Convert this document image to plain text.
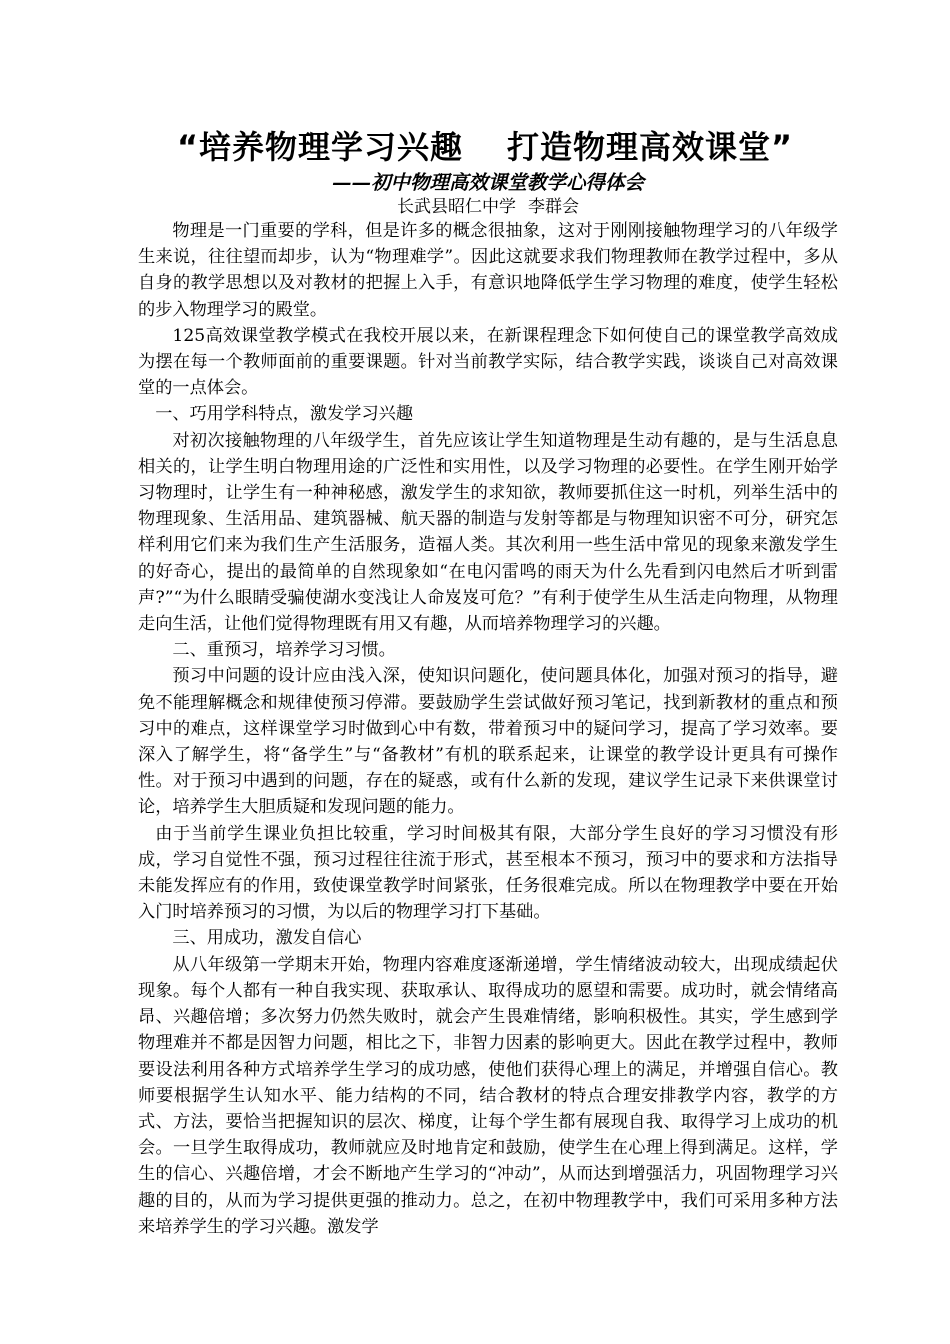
“培养物理学习兴趣 打造物理高效课堂”
——初中物理高效课堂教学心得体会
长武县昭仁中学 李群会

物理是一门重要的学科，但是许多的概念很抽象，这对于刚刚接触物理学习的八年级学生来说，往往望而却步，认为“物理难学”。因此这就要求我们物理教师在教学过程中，多从自身的教学思想以及对教材的把握上入手，有意识地降低学生学习物理的难度，使学生轻松的步入物理学习的殿堂。

125高效课堂教学模式在我校开展以来，在新课程理念下如何使自己的课堂教学高效成为摆在每一个教师面前的重要课题。针对当前教学实际，结合教学实践，谈谈自己对高效课堂的一点体会。

一、巧用学科特点，激发学习兴趣

对初次接触物理的八年级学生，首先应该让学生知道物理是生动有趣的，是与生活息息相关的，让学生明白物理用途的广泛性和实用性，以及学习物理的必要性。在学生刚开始学习物理时，让学生有一种神秘感，激发学生的求知欲，教师要抓住这一时机，列举生活中的物理现象、生活用品、建筑器械、航天器的制造与发射等都是与物理知识密不可分，研究怎样利用它们来为我们生产生活服务，造福人类。其次利用一些生活中常见的现象来激发学生的好奇心，提出的最简单的自然现象如“在电闪雷鸣的雨天为什么先看到闪电然后才听到雷声?”“为什么眼睛受骗使湖水变浅让人命岌岌可危？”有利于使学生从生活走向物理，从物理走向生活，让他们觉得物理既有用又有趣，从而培养物理学习的兴趣。

二、重预习，培养学习习惯。

预习中问题的设计应由浅入深，使知识问题化，使问题具体化，加强对预习的指导，避免不能理解概念和规律使预习停滞。要鼓励学生尝试做好预习笔记，找到新教材的重点和预习中的难点，这样课堂学习时做到心中有数，带着预习中的疑问学习，提高了学习效率。要深入了解学生，将“备学生”与“备教材”有机的联系起来，让课堂的教学设计更具有可操作性。对于预习中遇到的问题，存在的疑惑，或有什么新的发现，建议学生记录下来供课堂讨论，培养学生大胆质疑和发现问题的能力。

由于当前学生课业负担比较重，学习时间极其有限，大部分学生良好的学习习惯没有形成，学习自觉性不强，预习过程往往流于形式，甚至根本不预习，预习中的要求和方法指导未能发挥应有的作用，致使课堂教学时间紧张，任务很难完成。所以在物理教学中要在开始入门时培养预习的习惯，为以后的物理学习打下基础。

三、用成功，激发自信心

从八年级第一学期末开始，物理内容难度逐渐递增，学生情绪波动较大，出现成绩起伏现象。每个人都有一种自我实现、获取承认、取得成功的愿望和需要。成功时，就会情绪高昂、兴趣倍增；多次努力仍然失败时，就会产生畏难情绪，影响积极性。其实，学生感到学物理难并不都是因智力问题，相比之下，非智力因素的影响更大。因此在教学过程中，教师要设法利用各种方式培养学生学习的成功感，使他们获得心理上的满足，并增强自信心。教师要根据学生认知水平、能力结构的不同，结合教材的特点合理安排教学内容，教学的方式、方法，要恰当把握知识的层次、梯度，让每个学生都有展现自我、取得学习上成功的机会。一旦学生取得成功，教师就应及时地肯定和鼓励，使学生在心理上得到满足。这样，学生的信心、兴趣倍增，才会不断地产生学习的“冲动”，从而达到增强活力，巩固物理学习兴趣的目的，从而为学习提供更强的推动力。总之，在初中物理教学中，我们可采用多种方法来培养学生的学习兴趣。激发学
